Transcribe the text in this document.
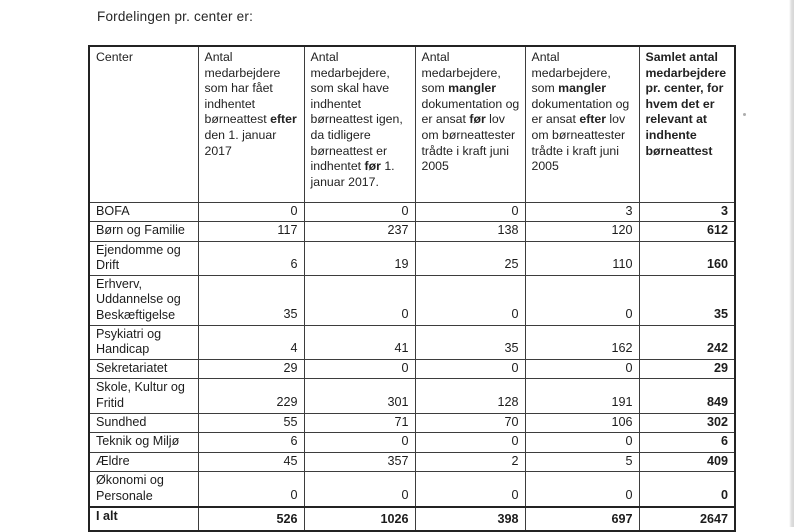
Fordelingen pr. center er:
Center	Antal medarbejdere som har fået indhentet børneattest efter den 1. januar 2017	Antal medarbejdere, som skal have indhentet børneattest igen, da tidligere børneattest er indhentet før 1. januar 2017.	Antal medarbejdere, som mangler dokumentation og er ansat før lov om børneattester trådte i kraft juni 2005	Antal medarbejdere, som mangler dokumentation og er ansat efter lov om børneattester trådte i kraft juni 2005	Samlet antal medarbejdere pr. center, for hvem det er relevant at indhente børneattest
BOFA	0	0	0	3	3
Børn og Familie	117	237	138	120	612
Ejendomme og Drift	6	19	25	110	160
Erhverv, Uddannelse og Beskæftigelse	35	0	0	0	35
Psykiatri og Handicap	4	41	35	162	242
Sekretariatet	29	0	0	0	29
Skole, Kultur og Fritid	229	301	128	191	849
Sundhed	55	71	70	106	302
Teknik og Miljø	6	0	0	0	6
Ældre	45	357	2	5	409
Økonomi og Personale	0	0	0	0	0
I alt	526	1026	398	697	2647
